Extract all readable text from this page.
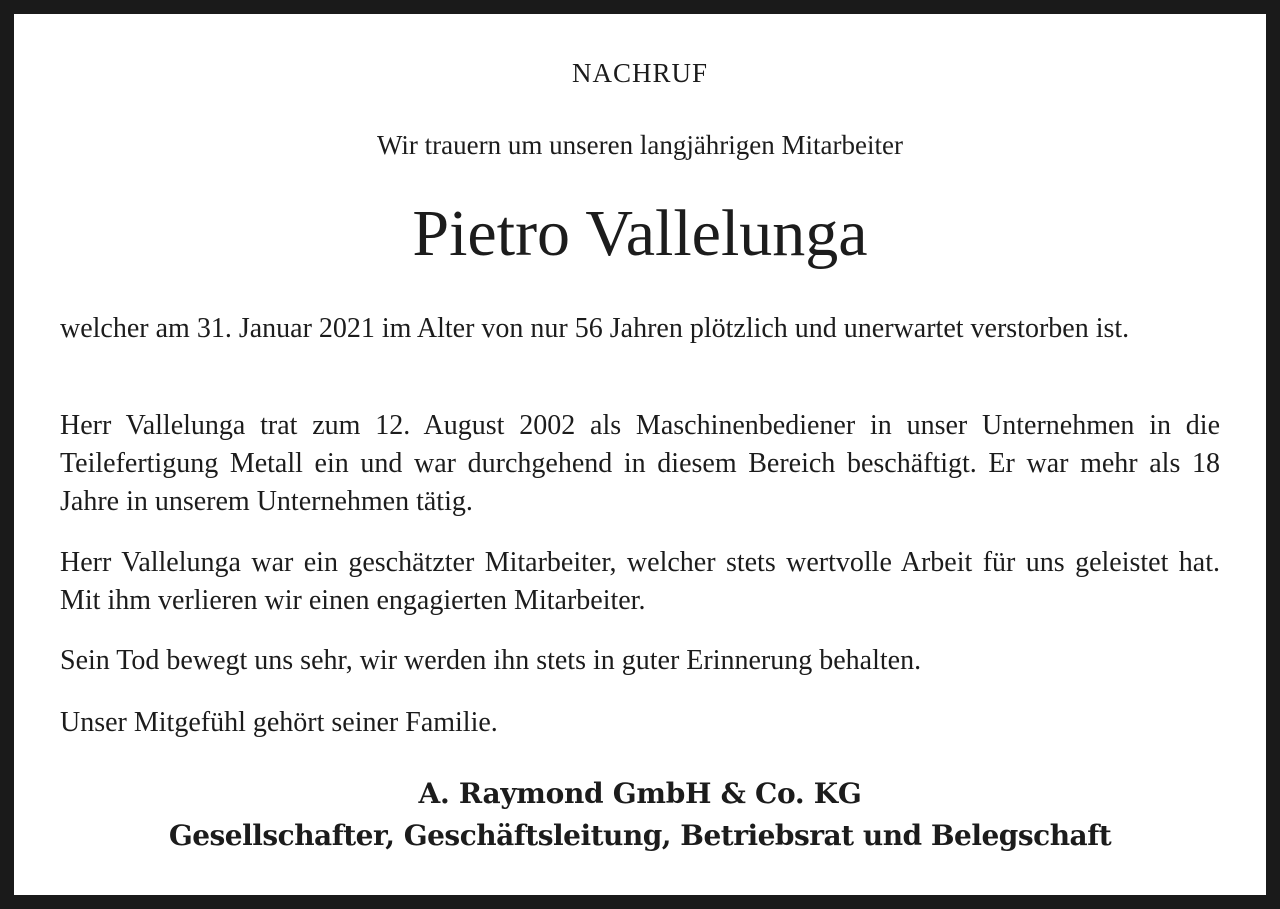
NACHRUF
Wir trauern um unseren langjährigen Mitarbeiter
Pietro Vallelunga

welcher am 31. Januar 2021 im Alter von nur 56 Jahren plötzlich und unerwartet verstorben ist.

Herr Vallelunga trat zum 12. August 2002 als Maschinenbediener in unser Unternehmen in die Teilefertigung Metall ein und war durchgehend in diesem Bereich beschäftigt. Er war mehr als 18 Jahre in unserem Unternehmen tätig.

Herr Vallelunga war ein geschätzter Mitarbeiter, welcher stets wertvolle Arbeit für uns geleistet hat. Mit ihm verlieren wir einen engagierten Mitarbeiter.

Sein Tod bewegt uns sehr, wir werden ihn stets in guter Erinnerung behalten.

Unser Mitgefühl gehört seiner Familie.

A. Raymond GmbH & Co. KG
Gesellschafter, Geschäftsleitung, Betriebsrat und Belegschaft
